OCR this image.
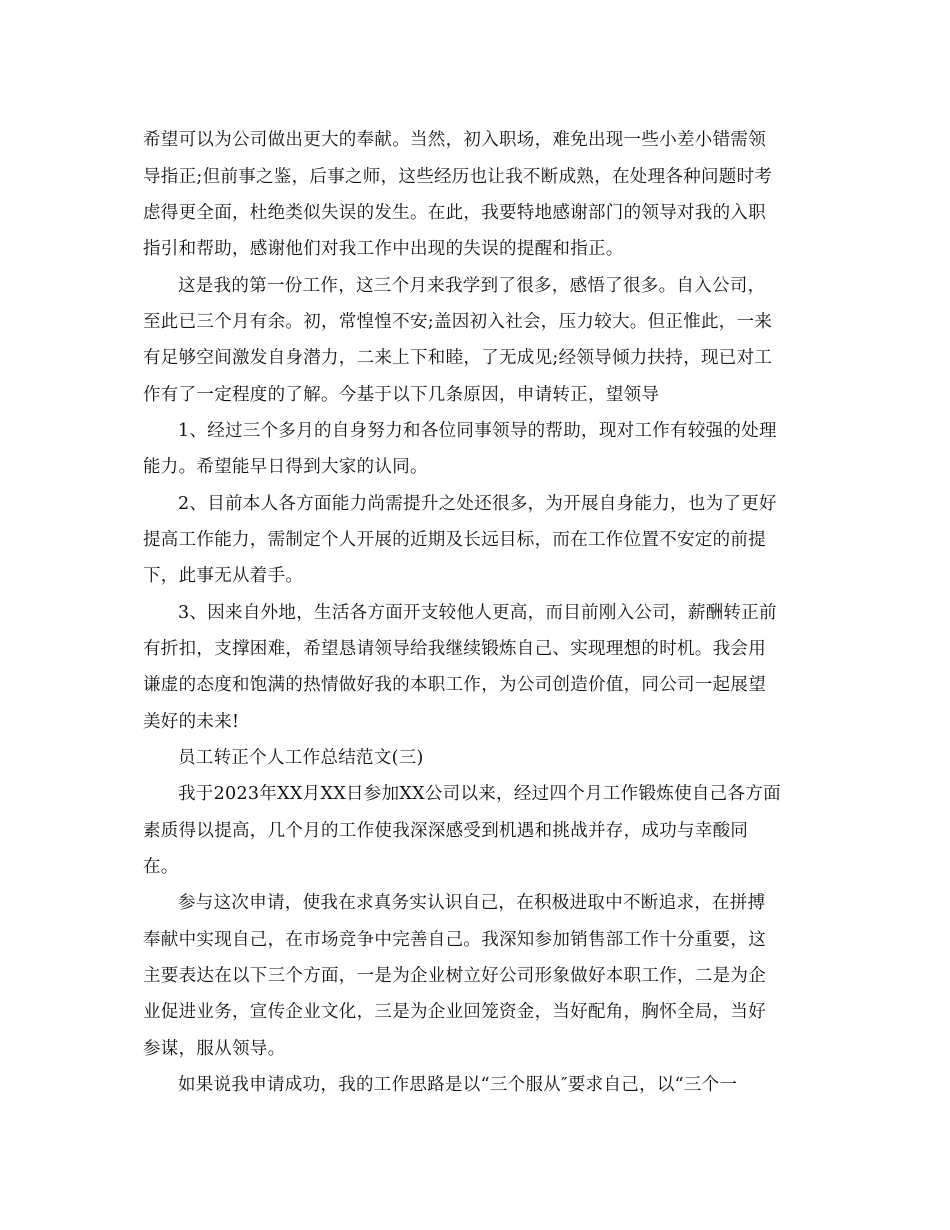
希望可以为公司做出更大的奉献。当然，初入职场，难免出现一些小差小错需领
导指正;但前事之鉴，后事之师，这些经历也让我不断成熟，在处理各种问题时考
虑得更全面，杜绝类似失误的发生。在此，我要特地感谢部门的领导对我的入职
指引和帮助，感谢他们对我工作中出现的失误的提醒和指正。
这是我的第一份工作，这三个月来我学到了很多，感悟了很多。自入公司，
至此已三个月有余。初，常惶惶不安;盖因初入社会，压力较大。但正惟此，一来
有足够空间激发自身潜力，二来上下和睦，了无成见;经领导倾力扶持，现已对工
作有了一定程度的了解。今基于以下几条原因，申请转正，望领导
1、经过三个多月的自身努力和各位同事领导的帮助，现对工作有较强的处理
能力。希望能早日得到大家的认同。
2、目前本人各方面能力尚需提升之处还很多，为开展自身能力，也为了更好
提高工作能力，需制定个人开展的近期及长远目标，而在工作位置不安定的前提
下，此事无从着手。
3、因来自外地，生活各方面开支较他人更高，而目前刚入公司，薪酬转正前
有折扣，支撑困难，希望恳请领导给我继续锻炼自己、实现理想的时机。我会用
谦虚的态度和饱满的热情做好我的本职工作，为公司创造价值，同公司一起展望
美好的未来!
员工转正个人工作总结范文(三)
我于2023年XX月XX日参加XX公司以来，经过四个月工作锻炼使自己各方面
素质得以提高，几个月的工作使我深深感受到机遇和挑战并存，成功与幸酸同
在。
参与这次申请，使我在求真务实认识自己，在积极进取中不断追求，在拼搏
奉献中实现自己，在市场竞争中完善自己。我深知参加销售部工作十分重要，这
主要表达在以下三个方面，一是为企业树立好公司形象做好本职工作，二是为企
业促进业务，宣传企业文化，三是为企业回笼资金，当好配角，胸怀全局，当好
参谋，服从领导。
如果说我申请成功，我的工作思路是以“三个服从″要求自己，以“三个一
